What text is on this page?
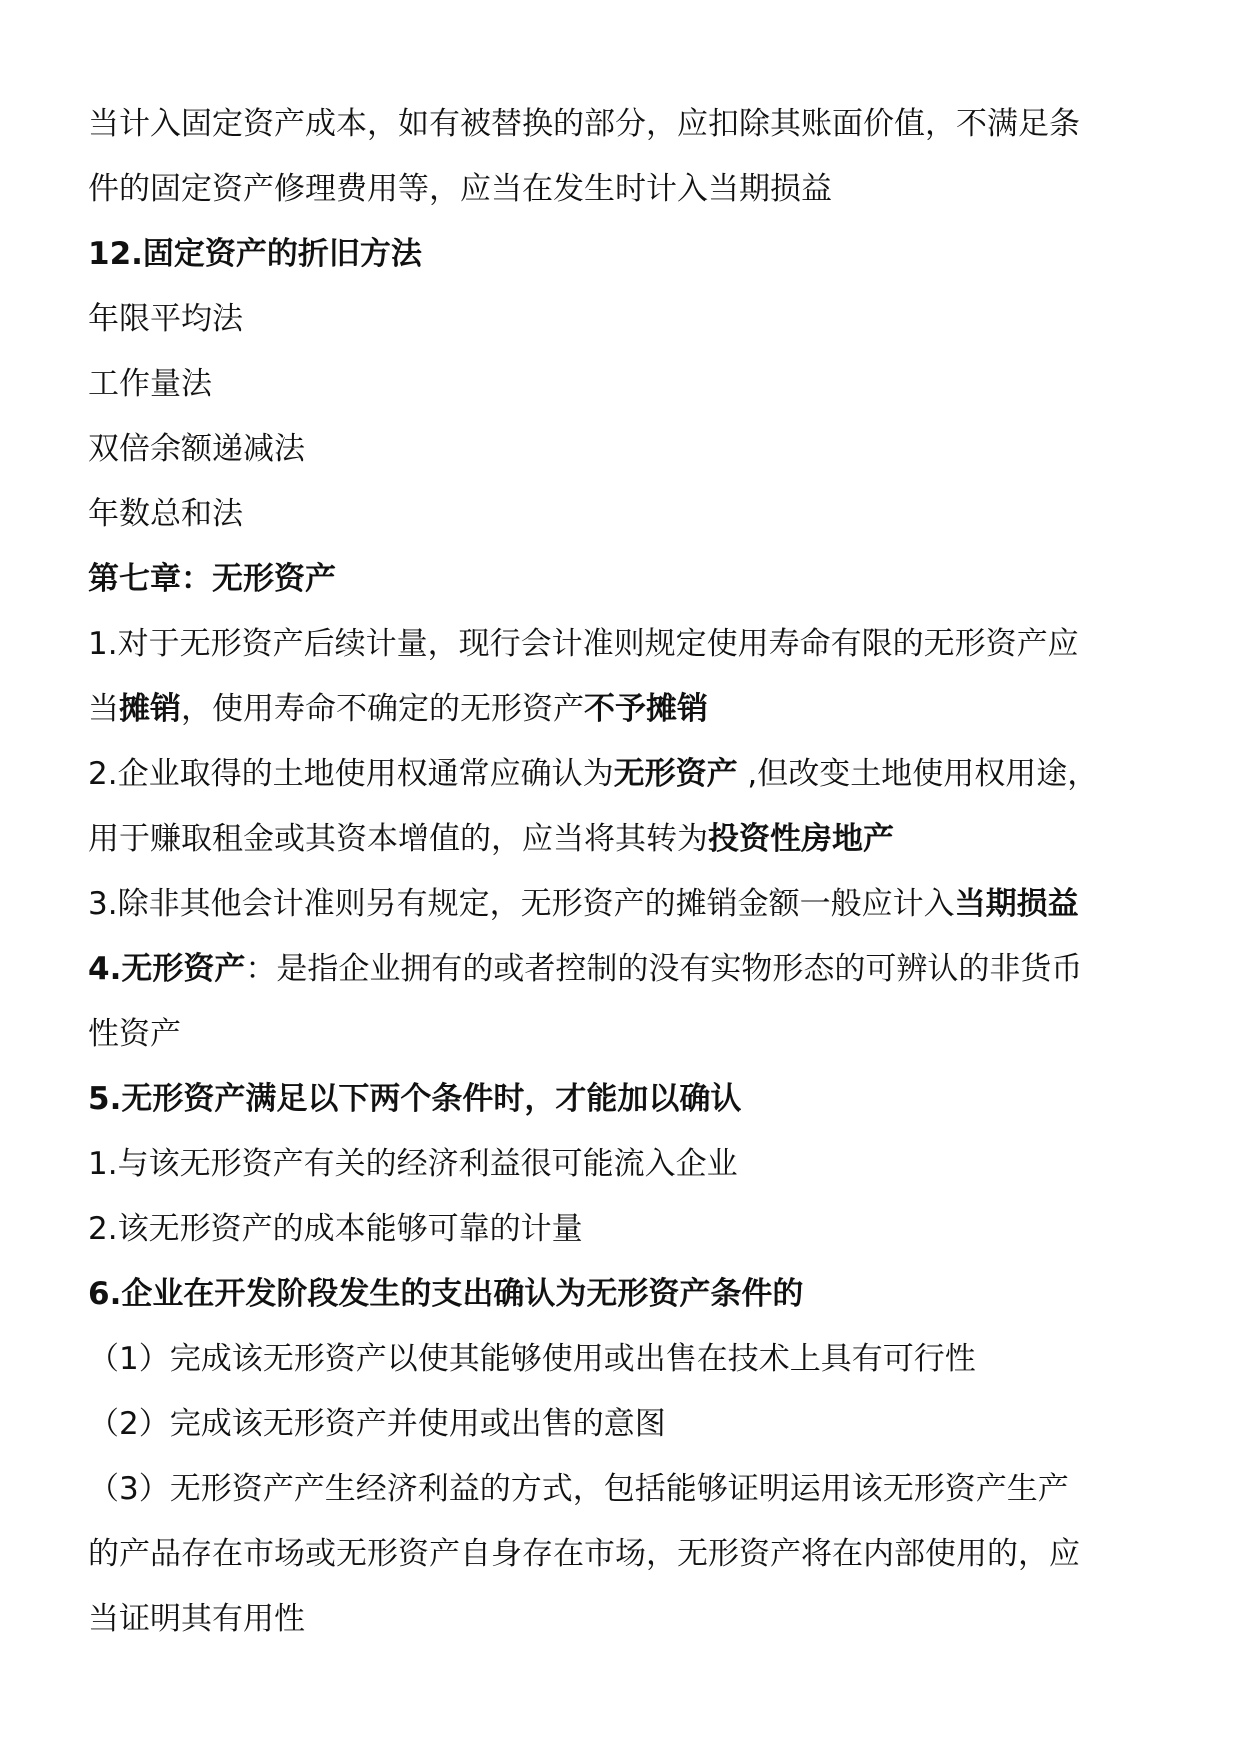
当计入固定资产成本，如有被替换的部分，应扣除其账面价值，不满足条
件的固定资产修理费用等，应当在发生时计入当期损益
12.固定资产的折旧方法
年限平均法
工作量法
双倍余额递减法
年数总和法
第七章：无形资产
1.对于无形资产后续计量，现行会计准则规定使用寿命有限的无形资产应
当摊销，使用寿命不确定的无形资产不予摊销
2.企业取得的土地使用权通常应确认为无形资产 ,但改变土地使用权用途，
用于赚取租金或其资本增值的，应当将其转为投资性房地产
3.除非其他会计准则另有规定，无形资产的摊销金额一般应计入当期损益
4.无形资产：是指企业拥有的或者控制的没有实物形态的可辨认的非货币
性资产
5.无形资产满足以下两个条件时，才能加以确认
1.与该无形资产有关的经济利益很可能流入企业
2.该无形资产的成本能够可靠的计量
6.企业在开发阶段发生的支出确认为无形资产条件的
（1）完成该无形资产以使其能够使用或出售在技术上具有可行性
（2）完成该无形资产并使用或出售的意图
（3）无形资产产生经济利益的方式，包括能够证明运用该无形资产生产
的产品存在市场或无形资产自身存在市场，无形资产将在内部使用的，应
当证明其有用性
